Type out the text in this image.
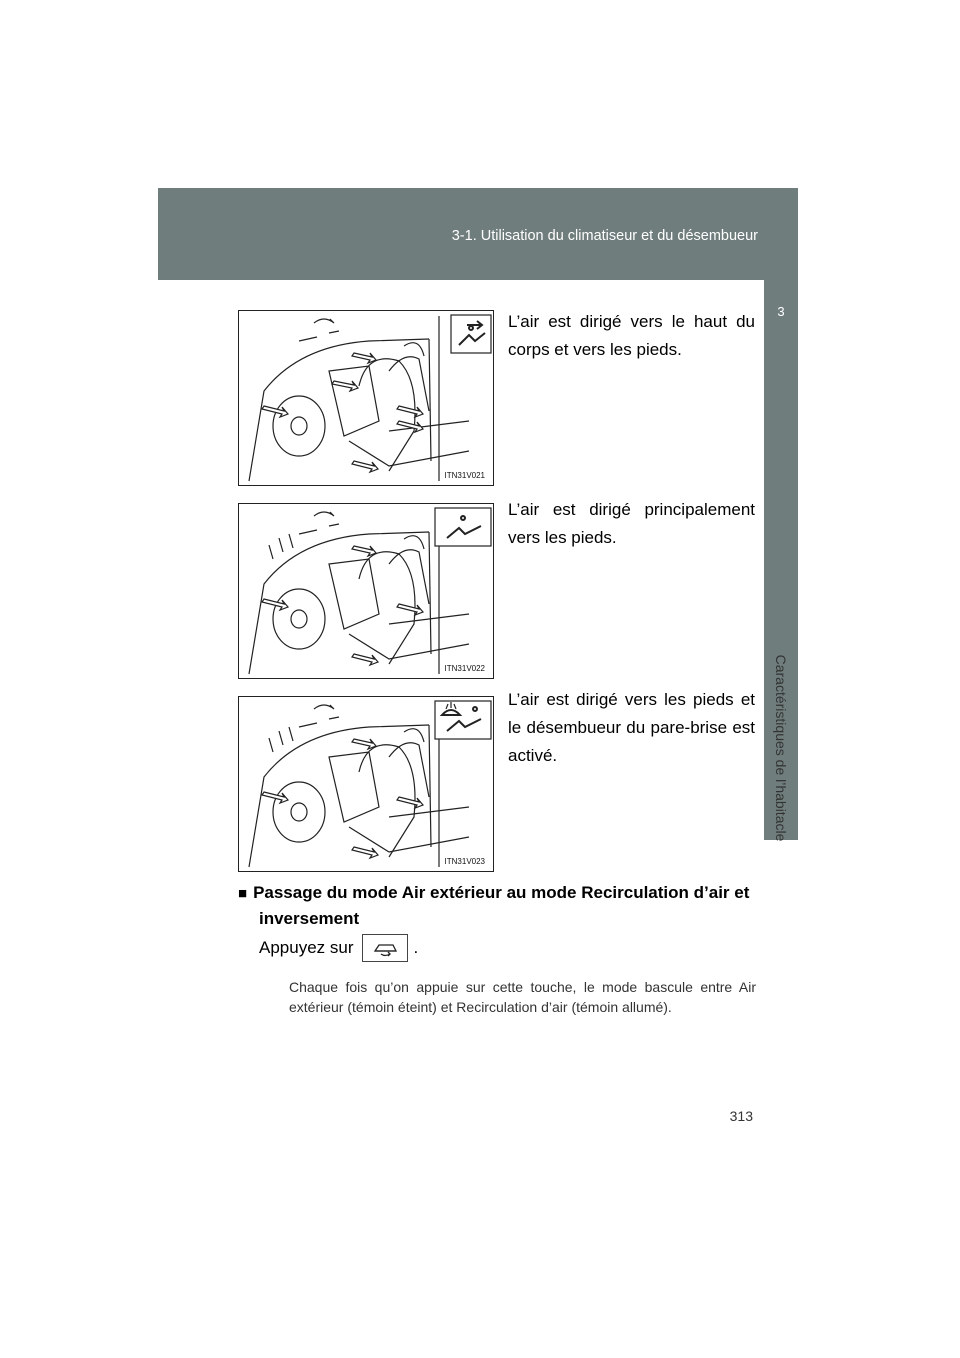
3-1. Utilisation du climatiseur et du désembueur
3
Caractéristiques de l’habitacle
ITN31V021
L’air est dirigé vers le haut du corps et vers les pieds.
ITN31V022
L’air est dirigé principalement vers les pieds.
ITN31V023
L’air est dirigé vers les pieds et le désembueur du pare-brise est activé.
■ Passage du mode Air extérieur au mode Recirculation d’air et
inversement
Appuyez sur	.
Chaque fois qu’on appuie sur cette touche, le mode bascule entre Air extérieur (témoin éteint) et Recirculation d’air (témoin allumé).
313
